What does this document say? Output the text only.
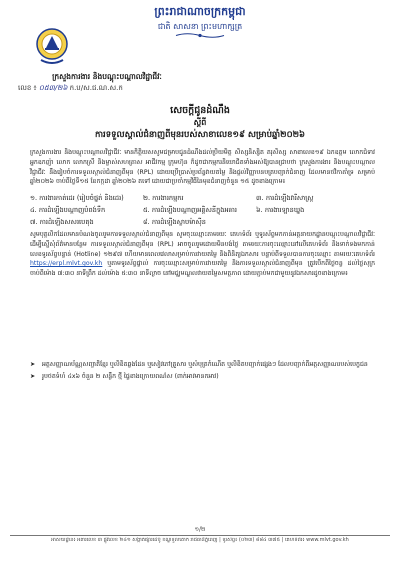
ព្រះរាជាណាចក្រកម្ពុជា
ជាតិ សាសនា ព្រះមហាក្សត្រ
ក្រសួងការងារ និងបណ្តុះបណ្តាលវិជ្ជាជីវៈ
លេខ ៖ ០៥៣/២៦ ក.ប/ស.ជ.ណ.ស.ក
សេចក្តីជូនដំណឹង
ស្តីពី
ការទទួលស្គាល់ជំនាញពីមុនរបស់សាខាលេខ១៩ សម្រាប់ឆ្នាំ២០២៦
ក្រសួងការងារ និងបណ្តុះបណ្តាលវិជ្ជាជីវៈ មានកិត្តិយសសូមជម្រាបជូនដំណឹងដល់ប្រិយមិត្ត សិស្សនិស្សិត គរុសិស្ស សាខាលេខ១៩ ឯកឧត្តម លោកជំទាវ អ្នកឧកញ៉ា លោក លោកស្រី និងម្ចាស់សហគ្រាស អាជីវកម្ម ក្រុមហ៊ុន ក៏ដូចជាកម្មករនិយោជិតទាំងអស់ឱ្យបានជ្រាបថា ក្រសួងការងារ និងបណ្តុះបណ្តាលវិជ្ជាជីវៈ នឹងរៀបចំការទទួលស្គាល់ជំនាញពីមុន (RPL) ដោយប្រើប្រាស់ប្រព័ន្ធវាយតម្លៃ និងផ្តល់វិញ្ញាបនបត្របញ្ជាក់ជំនាញ ដែលមានថវិកាគាំទ្រ សម្រាប់ឆ្នាំ២០២៦ ចាប់ពីថ្ងៃទី១៥ ខែកក្កដា ឆ្នាំ២០២៦ តទៅ ដោយជាប្រចាំកម្មវិធីនៃមុខជំនាញចំនួន ១៥ ដូចខាងក្រោម៖
១. ការងារកាត់ដេរ (រៀបចំផ្នត់ និងដេរ)	២. ការងារកម្មករ	៣. ការដំឡើងវារីសាស្ត្រ
៤. ការដំឡើងបណ្តាញបំពង់ទឹក	៥. ការដំឡើងបណ្តាញអគ្គិសនីក្នុងអគារ	៦. ការងារឡានឃ្នង
៧. ការដំឡើងសសរបេតុង	៨. ការដំឡើងស្លាបម៉ាស៊ីន
សូមបុគ្គលិកដែលមានបំណងចូលរួមការទទួលស្គាល់ជំនាញពីមុន សូមចុះឈ្មោះតាមរយៈ គេហទំព័រ ឬទូរស័ព្ទមកកាន់អគ្គនាយកដ្ឋានបណ្តុះបណ្តាលវិជ្ជាជីវៈ ដើម្បីស្នើសុំព័ត៌មានបន្ថែម ការទទួលស្គាល់ជំនាញពីមុន (RPL) អាចចូលរួមដោយមិនបង់ថ្លៃ តាមរយៈការចុះឈ្មោះនៅលើគេហទំព័រ និងទាក់ទងមកកាន់លេខទូរស័ព្ទបន្ទាន់ (Hotline) ១២៩៧ ហើយមានពេលវេលាសម្រាប់ការវាយតម្លៃ និងពិនិត្យឯកសារ បន្ទាប់ពីទទួលបានការចុះឈ្មោះ តាមរយៈគេហទំព័រ https://erpl.mlvt.gov.kh ឬតាមទូរស័ព្ទផ្ទាល់ ការចុះឈ្មោះសម្រាប់ការវាយតម្លៃ និងការទទួលស្គាល់ជំនាញពីមុន ត្រូវបើកពីថ្ងៃចន្ទ ដល់ថ្ងៃសុក្រ ចាប់ពីម៉ោង ៧:៣០ នាទីព្រឹក ដល់ម៉ោង ៥:៣០ នាទីល្ងាច នៅមជ្ឈមណ្ឌលវាយតម្លៃសមត្ថភាព ដោយភ្ជាប់មកជាមួយនូវឯកសារដូចខាងក្រោម៖
➤ អត្តសញ្ញាណប័ណ្ណសញ្ជាតិខ្មែរ ឬលិខិតឆ្លងដែន ឬសៀវភៅគ្រួសារ ឬសំបុត្រកំណើត ឬលិខិតបញ្ជាក់ផ្សេងៗ ដែលបញ្ជាក់ពីអត្តសញ្ញាណរបស់បេក្ខជន
➤ រូបថតទំហំ ៤x៦ ចំនួន ២ សន្លឹក ថ្មី ផ្ទៃខាងក្រោយពណ៌ស (ពាក់អាវមានកអាវ)
១/២
អាសយដ្ឋាន៖ អគារលេខ ៣ ផ្លូវលេខ ២៤១ សង្កាត់ផ្សារដេប៉ូ ខណ្ឌទួលគោក រាជធានីភ្នំពេញ | ទូរស័ព្ទ៖ (០២៣) ៨៨៤ ៣៧៥ | គេហទំព័រ៖ www.mlvt.gov.kh
